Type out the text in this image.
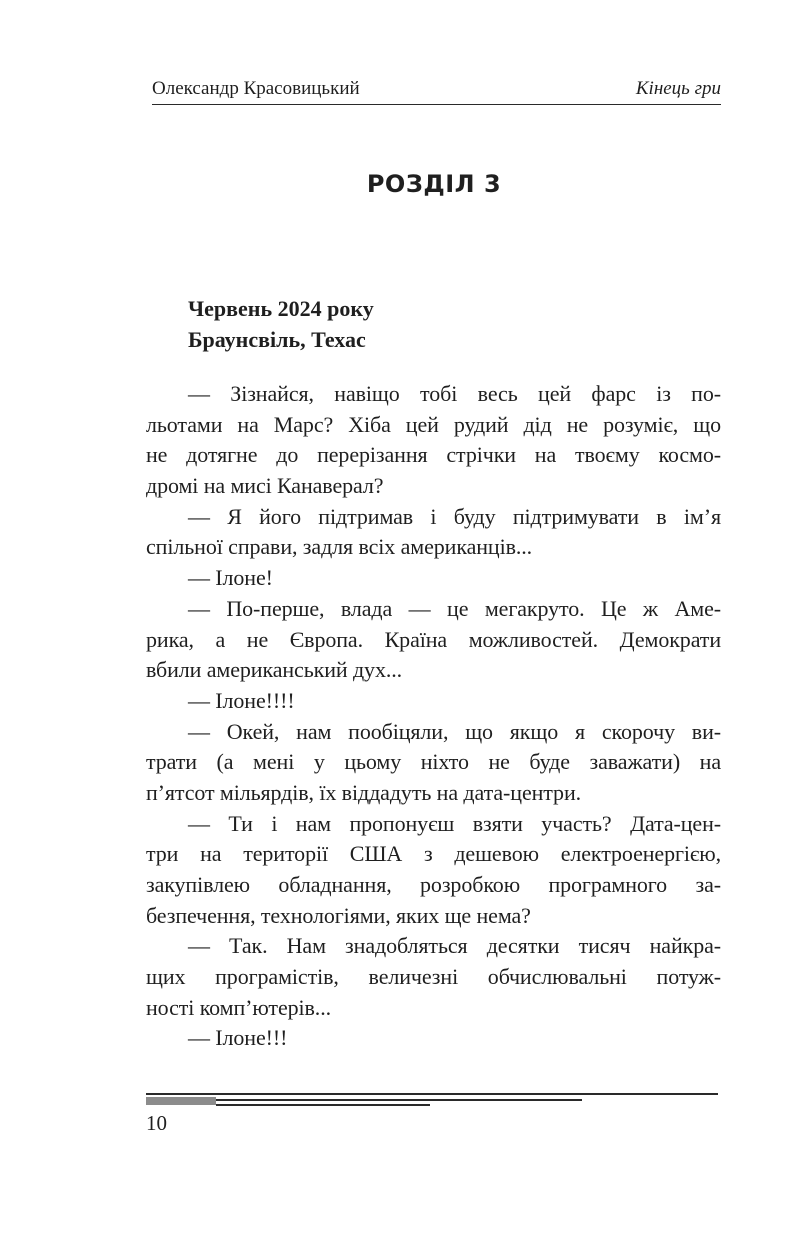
Олександр Красовицький	Кінець гри
РОЗДІЛ 3
Червень 2024 року
Браунсвіль, Техас
— Зізнайся, навіщо тобі весь цей фарс із по-
льотами на Марс? Хіба цей рудий дід не розуміє, що
не дотягне до перерізання стрічки на твоєму космо-
дромі на мисі Канаверал?
— Я його підтримав і буду підтримувати в ім’я
спільної справи, задля всіх американців...
— Ілоне!
— По-перше, влада — це мегакруто. Це ж Аме-
рика, а не Європа. Країна можливостей. Демократи
вбили американський дух...
— Ілоне!!!!
— Окей, нам пообіцяли, що якщо я скорочу ви-
трати (а мені у цьому ніхто не буде заважати) на
п’ятсот мільярдів, їх віддадуть на дата-центри.
— Ти і нам пропонуєш взяти участь? Дата-цен-
три на території США з дешевою електроенергією,
закупівлею обладнання, розробкою програмного за-
безпечення, технологіями, яких ще нема?
— Так. Нам знадобляться десятки тисяч найкра-
щих програмістів, величезні обчислювальні потуж-
ності комп’ютерів...
— Ілоне!!!
10
